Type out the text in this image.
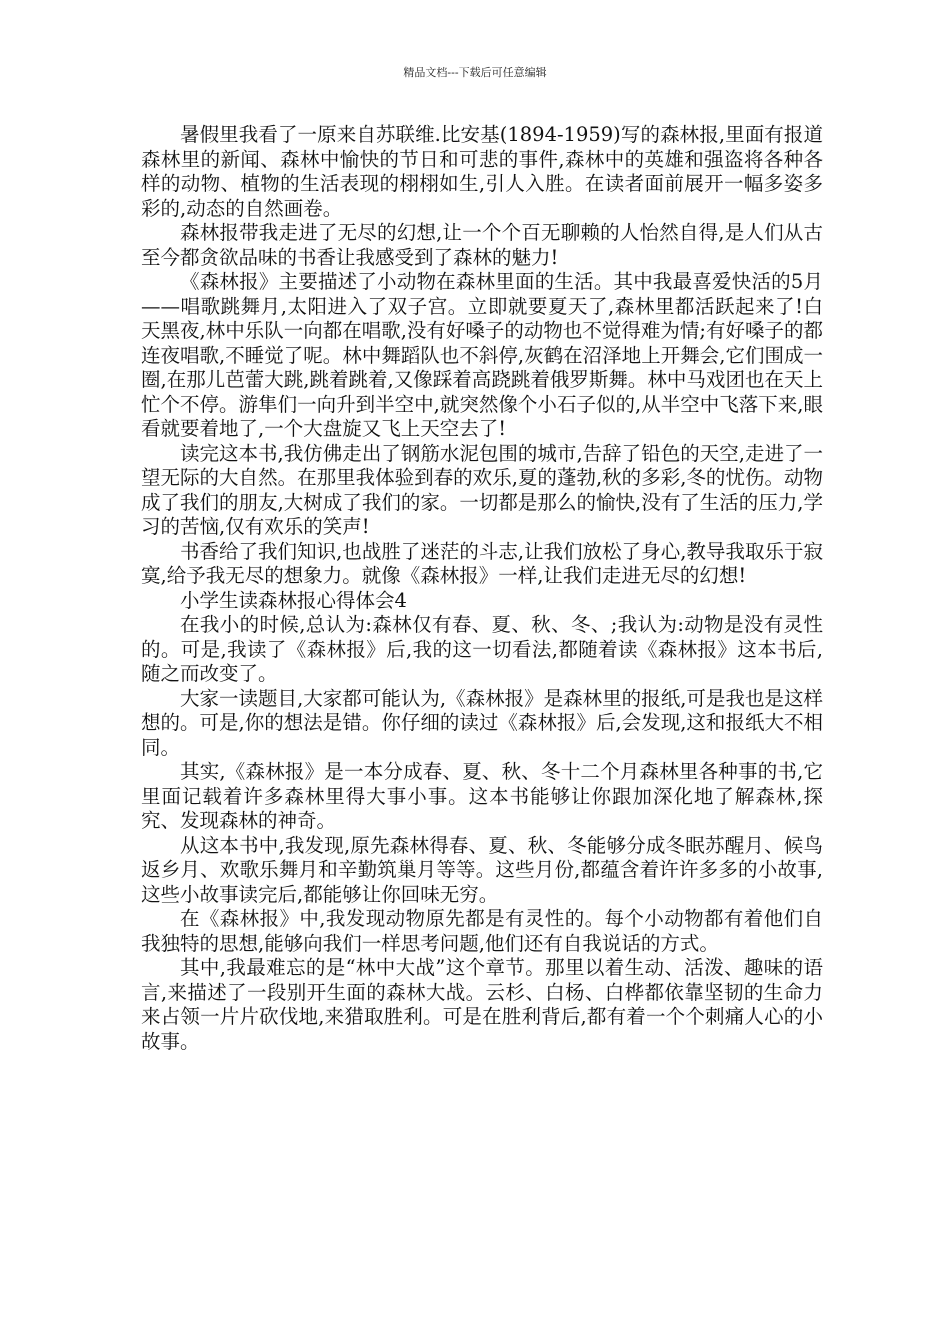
精品文档---下载后可任意编辑

暑假里我看了一原来自苏联维.比安基(1894-1959)写的森林报,里面有报道森林里的新闻、森林中愉快的节日和可悲的事件,森林中的英雄和强盗将各种各样的动物、植物的生活表现的栩栩如生,引人入胜。在读者面前展开一幅多姿多彩的,动态的自然画卷。

森林报带我走进了无尽的幻想,让一个个百无聊赖的人怡然自得,是人们从古至今都贪欲品味的书香让我感受到了森林的魅力!

《森林报》主要描述了小动物在森林里面的生活。其中我最喜爱快活的5月——唱歌跳舞月,太阳进入了双子宫。立即就要夏天了,森林里都活跃起来了!白天黑夜,林中乐队一向都在唱歌,没有好嗓子的动物也不觉得难为情;有好嗓子的都连夜唱歌,不睡觉了呢。林中舞蹈队也不斜停,灰鹤在沼泽地上开舞会,它们围成一圈,在那儿芭蕾大跳,跳着跳着,又像踩着高跷跳着俄罗斯舞。林中马戏团也在天上忙个不停。游隼们一向升到半空中,就突然像个小石子似的,从半空中飞落下来,眼看就要着地了,一个大盘旋又飞上天空去了!

读完这本书,我仿佛走出了钢筋水泥包围的城市,告辞了铅色的天空,走进了一望无际的大自然。在那里我体验到春的欢乐,夏的蓬勃,秋的多彩,冬的忧伤。动物成了我们的朋友,大树成了我们的家。一切都是那么的愉快,没有了生活的压力,学习的苦恼,仅有欢乐的笑声!

书香给了我们知识,也战胜了迷茫的斗志,让我们放松了身心,教导我取乐于寂寞,给予我无尽的想象力。就像《森林报》一样,让我们走进无尽的幻想!

小学生读森林报心得体会4

在我小的时候,总认为:森林仅有春、夏、秋、冬、;我认为:动物是没有灵性的。可是,我读了《森林报》后,我的这一切看法,都随着读《森林报》这本书后,随之而改变了。

大家一读题目,大家都可能认为,《森林报》是森林里的报纸,可是我也是这样想的。可是,你的想法是错。你仔细的读过《森林报》后,会发现,这和报纸大不相同。

其实,《森林报》是一本分成春、夏、秋、冬十二个月森林里各种事的书,它里面记载着许多森林里得大事小事。这本书能够让你跟加深化地了解森林,探究、发现森林的神奇。

从这本书中,我发现,原先森林得春、夏、秋、冬能够分成冬眠苏醒月、候鸟返乡月、欢歌乐舞月和辛勤筑巢月等等。这些月份,都蕴含着许许多多的小故事,这些小故事读完后,都能够让你回味无穷。

在《森林报》中,我发现动物原先都是有灵性的。每个小动物都有着他们自我独特的思想,能够向我们一样思考问题,他们还有自我说话的方式。

其中,我最难忘的是“林中大战”这个章节。那里以着生动、活泼、趣味的语言,来描述了一段别开生面的森林大战。云杉、白杨、白桦都依靠坚韧的生命力来占领一片片砍伐地,来猎取胜利。可是在胜利背后,都有着一个个刺痛人心的小故事。
